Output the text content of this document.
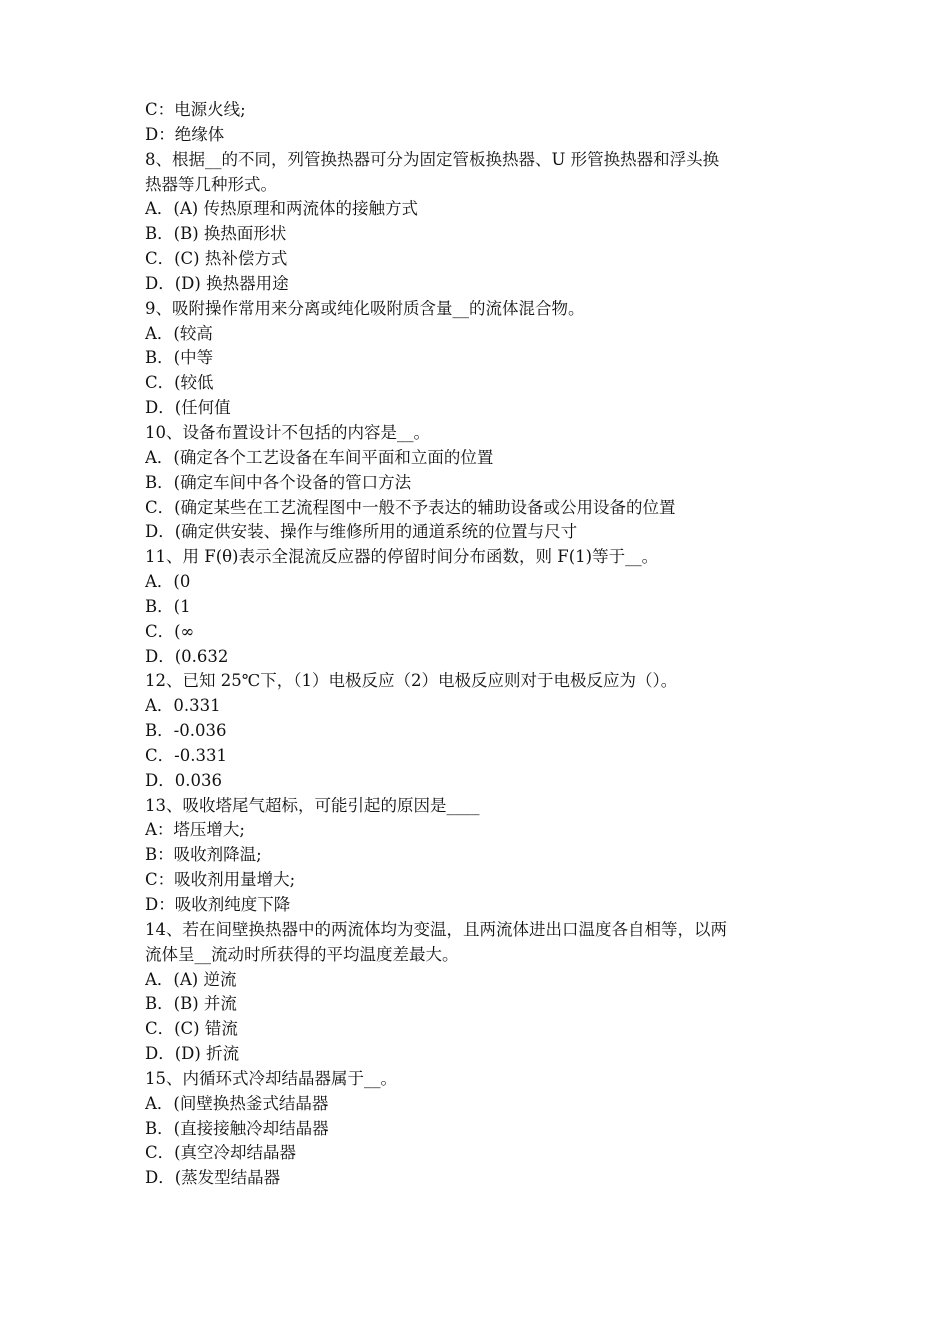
C：电源火线;
D：绝缘体
8、根据__的不同，列管换热器可分为固定管板换热器、U 形管换热器和浮头换
热器等几种形式。
A．(A) 传热原理和两流体的接触方式
B．(B) 换热面形状
C．(C) 热补偿方式
D．(D) 换热器用途
9、吸附操作常用来分离或纯化吸附质含量__的流体混合物。
A．(较高
B．(中等
C．(较低
D．(任何值
10、设备布置设计不包括的内容是__。
A．(确定各个工艺设备在车间平面和立面的位置
B．(确定车间中各个设备的管口方法
C．(确定某些在工艺流程图中一般不予表达的辅助设备或公用设备的位置
D．(确定供安装、操作与维修所用的通道系统的位置与尺寸
11、用 F(θ)表示全混流反应器的停留时间分布函数，则 F(1)等于__。
A．(0
B．(1
C．(∞
D．(0.632
12、已知 25℃下，（1）电极反应（2）电极反应则对于电极反应为（）。
A．0.331
B．-0.036
C．-0.331
D．0.036
13、吸收塔尾气超标，可能引起的原因是____
A：塔压增大;
B：吸收剂降温;
C：吸收剂用量增大;
D：吸收剂纯度下降
14、若在间壁换热器中的两流体均为变温，且两流体进出口温度各自相等，以两
流体呈__流动时所获得的平均温度差最大。
A．(A) 逆流
B．(B) 并流
C．(C) 错流
D．(D) 折流
15、内循环式冷却结晶器属于__。
A．(间壁换热釜式结晶器
B．(直接接触冷却结晶器
C．(真空冷却结晶器
D．(蒸发型结晶器
